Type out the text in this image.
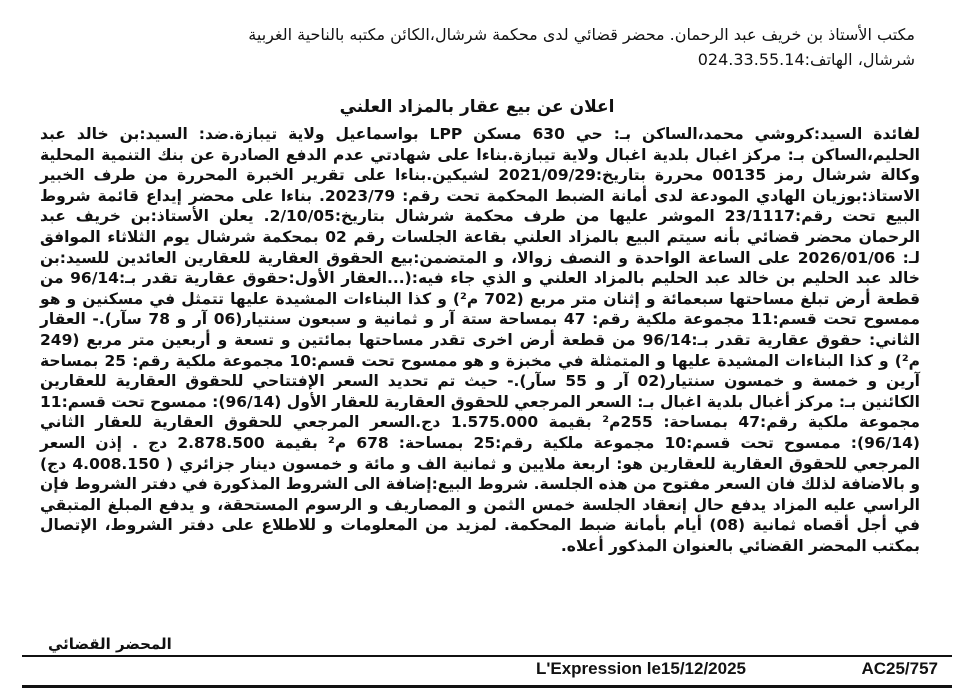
مكتب الأستاذ بن خريف عبد الرحمان. محضر قضائي لدى محكمة شرشال،الكائن مكتبه بالناحية الغربية
شرشال، الهاتف:024.33.55.14
اعلان عن بيع عقار بالمزاد العلني

لفائدة السيد:كروشي محمد،الساكن بـ: حي 630 مسكن LPP بواسماعيل ولاية تيبازة.ضد: السيد:بن خالد عبد الحليم،الساكن بـ: مركز اغبال بلدية اغبال ولاية تيبازة.بناءا على شهادتي عدم الدفع الصادرة عن بنك التنمية المحلية وكالة شرشال رمز 00135 محررة بتاريخ:2021/09/29 لشيكين.بناءا على تقرير الخبرة المحررة من طرف الخبير الاستاذ:بوزيان الهادي المودعة لدى أمانة الضبط المحكمة تحت رقم: 2023/79. بناءا على محضر إيداع قائمة شروط البيع تحت رقم:23/1117 الموشر عليها من طرف محكمة شرشال بتاريخ:2/10/05. يعلن الأستاذ:بن خريف عبد الرحمان محضر قضائي بأنه سيتم البيع بالمزاد العلني بقاعة الجلسات رقم 02 بمحكمة شرشال يوم الثلاثاء الموافق لـ: 2026/01/06 على الساعة الواحدة و النصف زوالا، و المتضمن:بيع الحقوق العقارية للعقارين العائدين للسيد:بن خالد عبد الحليم بن خالد عبد الحليم بالمزاد العلني و الذي جاء فيه:(...العقار الأول:حقوق عقارية تقدر بـ:96/14 من قطعة أرض تبلغ مساحتها سبعمائة و إثنان متر مربع (702 م²) و كذا البناءات المشيدة عليها تتمثل في مسكنين و هو ممسوح تحت قسم:11 مجموعة ملكية رقم: 47 بمساحة ستة آر و ثمانية و سبعون سنتيار(06 آر و 78 سآر).- العقار الثاني: حقوق عقارية تقدر بـ:96/14 من قطعة أرض اخرى تقدر مساحتها بمائتين و تسعة و أربعين متر مربع (249 م²) و كذا البناءات المشيدة عليها و المتمثلة في مخبزة و هو ممسوح تحت قسم:10 مجموعة ملكية رقم: 25 بمساحة آرين و خمسة و خمسون سنتيار(02 آر و 55 سآر).- حيث تم تحديد السعر الإفتتاحي للحقوق العقارية للعقارين الكائنين بـ: مركز أغبال بلدية اغبال بـ: السعر المرجعي للحقوق العقارية للعقار الأول (96/14): ممسوح تحت قسم:11 مجموعة ملكية رقم:47 بمساحة: 255م² بقيمة 1.575.000 دج.السعر المرجعي للحقوق العقارية للعقار الثاني (96/14): ممسوح تحت قسم:10 مجموعة ملكية رقم:25 بمساحة: 678 م² بقيمة 2.878.500 دج . إذن السعر المرجعي للحقوق العقارية للعقارين هو: اربعة ملايين و ثمانية الف و مائة و خمسون دينار جزائري ( 4.008.150 دج) و بالاضافة لذلك فان السعر مفتوح من هذه الجلسة. شروط البيع:إضافة الى الشروط المذكورة في دفتر الشروط فإن الراسي عليه المزاد يدفع حال إنعقاد الجلسة خمس الثمن و المصاريف و الرسوم المستحقة، و يدفع المبلغ المتبقي في أجل أقصاه ثمانية (08) أيام بأمانة ضبط المحكمة. لمزيد من المعلومات و للاطلاع على دفتر الشروط، الإتصال بمكتب المحضر القضائي بالعنوان المذكور أعلاه.

المحضر القضائي
L'Expression le15/12/2025	AC25/757
